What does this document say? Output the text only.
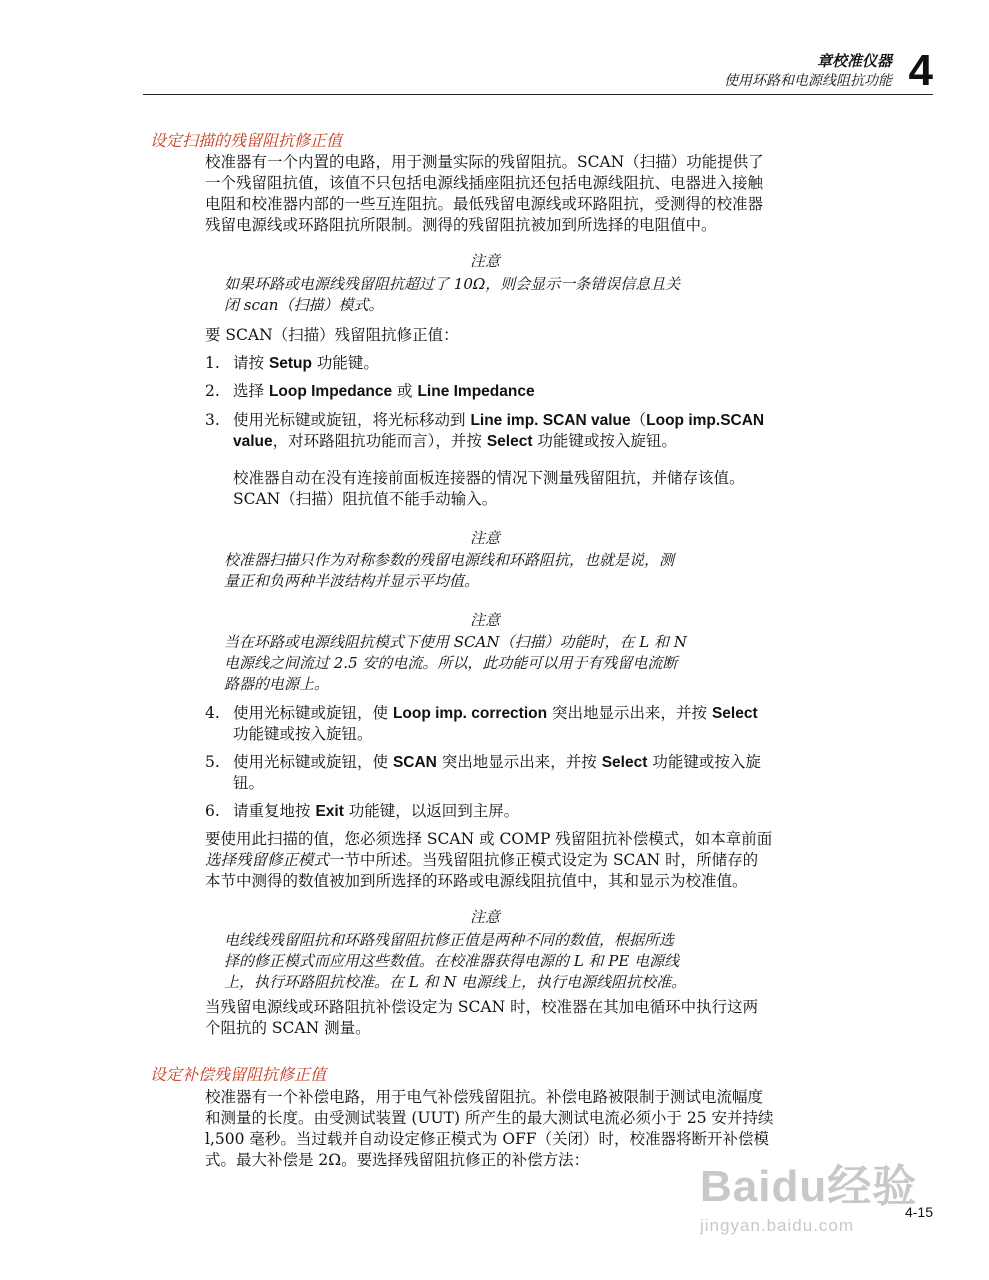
章校准仪器
使用环路和电源线阻抗功能 4
设定扫描的残留阻抗修正值
校准器有一个内置的电路，用于测量实际的残留阻抗。SCAN（扫描）功能提供了
一个残留阻抗值，该值不只包括电源线插座阻抗还包括电源线阻抗、电器进入接触
电阻和校准器内部的一些互连阻抗。最低残留电源线或环路阻抗，受测得的校准器
残留电源线或环路阻抗所限制。测得的残留阻抗被加到所选择的电阻值中。
注意
如果环路或电源线残留阻抗超过了 10Ω，则会显示一条错误信息且关
闭 scan（扫描）模式。
要 SCAN（扫描）残留阻抗修正值：
1. 请按 Setup 功能键。
2. 选择 Loop Impedance 或 Line Impedance
3. 使用光标键或旋钮，将光标移动到 Line imp. SCAN value（Loop imp.SCAN
value，对环路阻抗功能而言），并按 Select 功能键或按入旋钮。
校准器自动在没有连接前面板连接器的情况下测量残留阻抗，并储存该值。
SCAN（扫描）阻抗值不能手动输入。
注意
校准器扫描只作为对称参数的残留电源线和环路阻抗，也就是说，测
量正和负两种半波结构并显示平均值。
注意
当在环路或电源线阻抗模式下使用 SCAN（扫描）功能时，在 L 和 N
电源线之间流过 2.5 安的电流。所以，此功能可以用于有残留电流断
路器的电源上。
4. 使用光标键或旋钮，使 Loop imp. correction 突出地显示出来，并按 Select
功能键或按入旋钮。
5. 使用光标键或旋钮，使 SCAN 突出地显示出来，并按 Select 功能键或按入旋
钮。
6. 请重复地按 Exit 功能键，以返回到主屏。
要使用此扫描的值，您必须选择 SCAN 或 COMP 残留阻抗补偿模式，如本章前面
选择残留修正模式一节中所述。当残留阻抗修正模式设定为 SCAN 时，所储存的
本节中测得的数值被加到所选择的环路或电源线阻抗值中，其和显示为校准值。
注意
电线线残留阻抗和环路残留阻抗修正值是两种不同的数值，根据所选
择的修正模式而应用这些数值。在校准器获得电源的 L 和 PE 电源线
上，执行环路阻抗校准。在 L 和 N 电源线上，执行电源线阻抗校准。
当残留电源线或环路阻抗补偿设定为 SCAN 时，校准器在其加电循环中执行这两
个阻抗的 SCAN 测量。
设定补偿残留阻抗修正值
校准器有一个补偿电路，用于电气补偿残留阻抗。补偿电路被限制于测试电流幅度
和测量的长度。由受测试装置 (UUT) 所产生的最大测试电流必须小于 25 安并持续
l,500 毫秒。当过载并自动设定修正模式为 OFF（关闭）时，校准器将断开补偿模
式。最大补偿是 2Ω。要选择残留阻抗修正的补偿方法：
Baidu经验
jingyan.baidu.com
4-15
